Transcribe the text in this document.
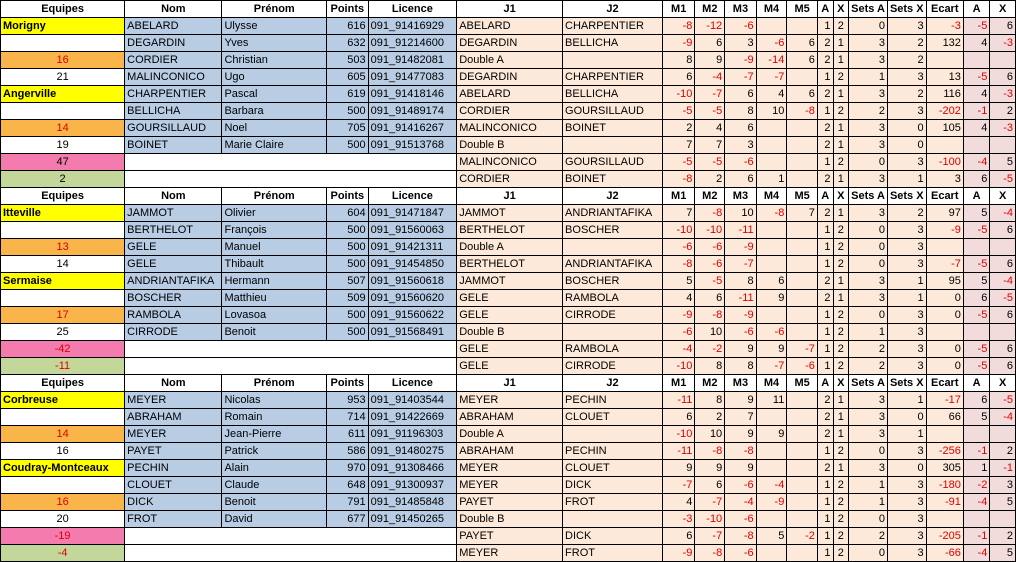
Equipes	Nom	Prénom	Points	Licence	J1	J2	M1	M2	M3	M4	M5	A	X	Sets A	Sets X	Ecart	A	X
Morigny	ABELARD	Ulysse	616	091_91416929	ABELARD	CHARPENTIER	-8	-12	-6			1	2	0	3	-3	-5	6
	DEGARDIN	Yves	632	091_91214600	DEGARDIN	BELLICHA	-9	6	3	-6	6	2	1	3	2	132	4	-3
16	CORDIER	Christian	503	091_91482081	Double A		8	9	-9	-14	6	2	1	3	2			
21	MALINCONICO	Ugo	605	091_91477083	DEGARDIN	CHARPENTIER	6	-4	-7	-7		1	2	1	3	13	-5	6
Angerville	CHARPENTIER	Pascal	619	091_91418146	ABELARD	BELLICHA	-10	-7	6	4	6	2	1	3	2	116	4	-3
	BELLICHA	Barbara	500	091_91489174	CORDIER	GOURSILLAUD	-5	-5	8	10	-8	1	2	2	3	-202	-1	2
14	GOURSILLAUD	Noel	705	091_91416267	MALINCONICO	BOINET	2	4	6			2	1	3	0	105	4	-3
19	BOINET	Marie Claire	500	091_91513768	Double B		7	7	3			2	1	3	0			
47					MALINCONICO	GOURSILLAUD	-5	-5	-6			1	2	0	3	-100	-4	5
2					CORDIER	BOINET	-8	2	6	1		2	1	3	1	3	6	-5
Equipes	Nom	Prénom	Points	Licence	J1	J2	M1	M2	M3	M4	M5	A	X	Sets A	Sets X	Ecart	A	X
Itteville	JAMMOT	Olivier	604	091_91471847	JAMMOT	ANDRIANTAFIKA	7	-8	10	-8	7	2	1	3	2	97	5	-4
	BERTHELOT	François	500	091_91560063	BERTHELOT	BOSCHER	-10	-10	-11			1	2	0	3	-9	-5	6
13	GELE	Manuel	500	091_91421311	Double A		-6	-6	-9			1	2	0	3			
14	GELE	Thibault	500	091_91454850	BERTHELOT	ANDRIANTAFIKA	-8	-6	-7			1	2	0	3	-7	-5	6
Sermaise	ANDRIANTAFIKA	Hermann	507	091_91560618	JAMMOT	BOSCHER	5	-5	8	6		2	1	3	1	95	5	-4
	BOSCHER	Matthieu	509	091_91560620	GELE	RAMBOLA	4	6	-11	9		2	1	3	1	0	6	-5
17	RAMBOLA	Lovasoa	500	091_91560622	GELE	CIRRODE	-9	-8	-9			1	2	0	3	0	-5	6
25	CIRRODE	Benoit	500	091_91568491	Double B		-6	10	-6	-6		1	2	1	3			
-42					GELE	RAMBOLA	-4	-2	9	9	-7	1	2	2	3	0	-5	6
-11					GELE	CIRRODE	-10	8	8	-7	-6	1	2	2	3	0	-5	6
Equipes	Nom	Prénom	Points	Licence	J1	J2	M1	M2	M3	M4	M5	A	X	Sets A	Sets X	Ecart	A	X
Corbreuse	MEYER	Nicolas	953	091_91403544	MEYER	PECHIN	-11	8	9	11		2	1	3	1	-17	6	-5
	ABRAHAM	Romain	714	091_91422669	ABRAHAM	CLOUET	6	2	7			2	1	3	0	66	5	-4
14	MEYER	Jean-Pierre	611	091_91196303	Double A		-10	10	9	9		2	1	3	1			
16	PAYET	Patrick	586	091_91480275	ABRAHAM	PECHIN	-11	-8	-8			1	2	0	3	-256	-1	2
Coudray-Montceaux	PECHIN	Alain	970	091_91308466	MEYER	CLOUET	9	9	9			2	1	3	0	305	1	-1
	CLOUET	Claude	648	091_91300937	MEYER	DICK	-7	6	-6	-4		1	2	1	3	-180	-2	3
16	DICK	Benoit	791	091_91485848	PAYET	FROT	4	-7	-4	-9		1	2	1	3	-91	-4	5
20	FROT	David	677	091_91450265	Double B		-3	-10	-6			1	2	0	3			
-19					PAYET	DICK	6	-7	-8	5	-2	1	2	2	3	-205	-1	2
-4					MEYER	FROT	-9	-8	-6			1	2	0	3	-66	-4	5
